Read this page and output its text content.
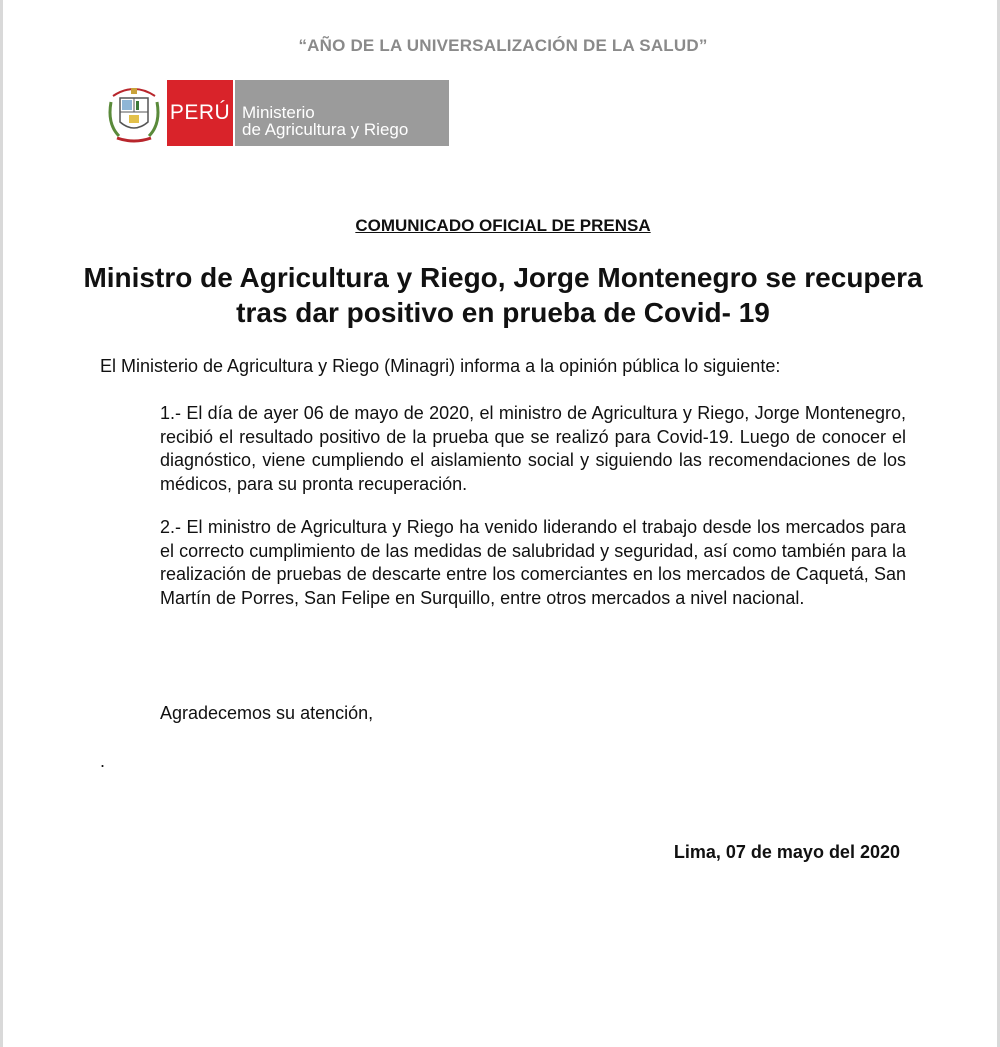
“AÑO DE LA UNIVERSALIZACIÓN DE LA SALUD”
PERÚ Ministerio
de Agricultura y Riego
COMUNICADO OFICIAL DE PRENSA
Ministro de Agricultura y Riego, Jorge Montenegro se recupera tras dar positivo en prueba de Covid- 19
El Ministerio de Agricultura y Riego (Minagri) informa a la opinión pública lo siguiente:
1.- El día de ayer 06 de mayo de 2020, el ministro de Agricultura y Riego, Jorge Montenegro, recibió el resultado positivo de la prueba que se realizó para Covid-19. Luego de conocer el diagnóstico, viene cumpliendo el aislamiento social y siguiendo las recomendaciones de los médicos, para su pronta recuperación.
2.- El ministro de Agricultura y Riego ha venido liderando el trabajo desde los mercados para el correcto cumplimiento de las medidas de salubridad y seguridad, así como también para la realización de pruebas de descarte entre los comerciantes en los mercados de Caquetá, San Martín de Porres, San Felipe en Surquillo, entre otros mercados a nivel nacional.
Agradecemos su atención,
.
Lima, 07 de mayo del 2020
